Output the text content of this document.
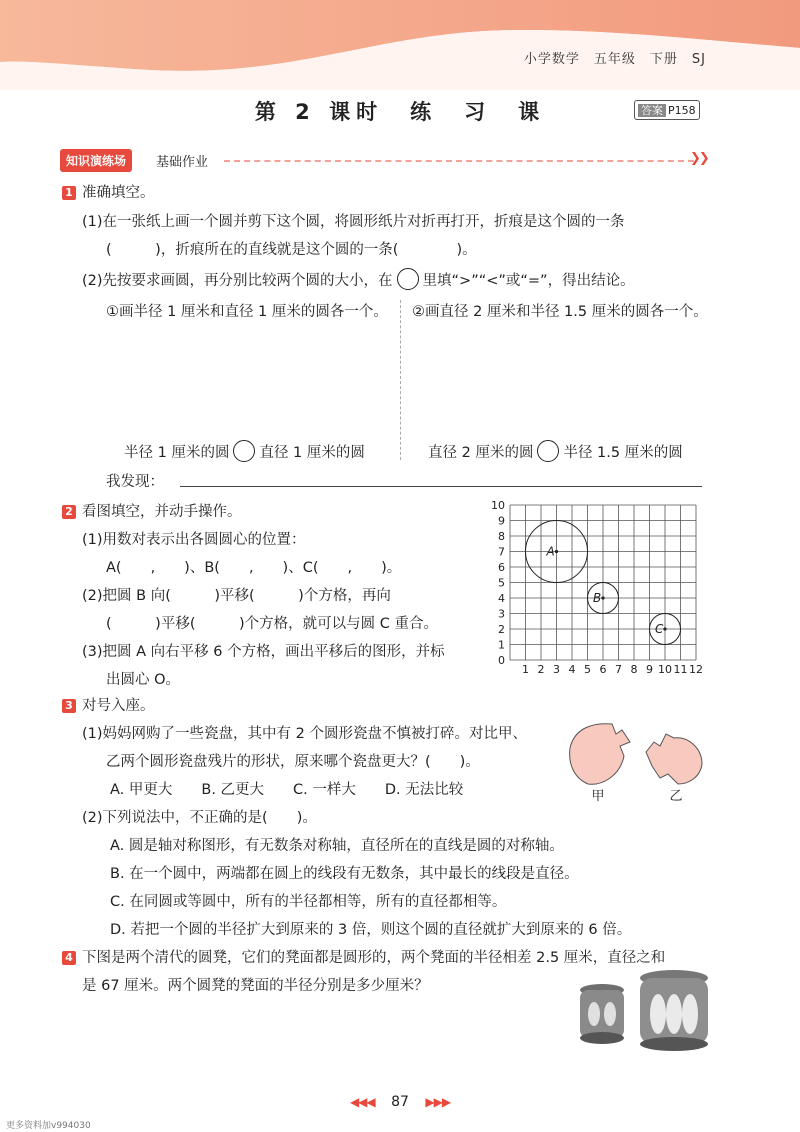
小学数学　五年级　下册　SJ
第 2 课时　练　习　课	答案 P158
知识演练场	基础作业	❯❯
1 准确填空。
(1)在一张纸上画一个圆并剪下这个圆，将圆形纸片对折再打开，折痕是这个圆的一条
(　　　)，折痕所在的直线就是这个圆的一条(　　　　)。
(2)先按要求画圆，再分别比较两个圆的大小，在 里填“>”“<”或“=”，得出结论。
①画半径 1 厘米和直径 1 厘米的圆各一个。 ②画直径 2 厘米和半径 1.5 厘米的圆各一个。
半径 1 厘米的圆 直径 1 厘米的圆	直径 2 厘米的圆 半径 1.5 厘米的圆
我发现：
2 看图填空，并动手操作。
(1)用数对表示出各圆圆心的位置：
A(　　,　　)、B(　　,　　)、C(　　,　　)。
(2)把圆 B 向(　　　)平移(　　　)个方格，再向
(　　　)平移(　　　)个方格，就可以与圆 C 重合。
(3)把圆 A 向右平移 6 个方格，画出平移后的图形，并标
出圆心 O。
1 2 3 4 5 6 7 8 9 10 11 12
0
1
2
3
4
5
6
7
8
9
10
A
B
C
3 对号入座。
(1)妈妈网购了一些瓷盘，其中有 2 个圆形瓷盘不慎被打碎。对比甲、
乙两个圆形瓷盘残片的形状，原来哪个瓷盘更大？(　　)。
A. 甲更大　　B. 乙更大　　C. 一样大　　D. 无法比较	甲	乙
(2)下列说法中，不正确的是(　　)。
A. 圆是轴对称图形，有无数条对称轴，直径所在的直线是圆的对称轴。
B. 在一个圆中，两端都在圆上的线段有无数条，其中最长的线段是直径。
C. 在同圆或等圆中，所有的半径都相等，所有的直径都相等。
D. 若把一个圆的半径扩大到原来的 3 倍，则这个圆的直径就扩大到原来的 6 倍。
4 下图是两个清代的圆凳，它们的凳面都是圆形的，两个凳面的半径相差 2.5 厘米，直径之和
是 67 厘米。两个圆凳的凳面的半径分别是多少厘米？
◀◀◀ 87 ▶▶▶
更多资料加v994030
